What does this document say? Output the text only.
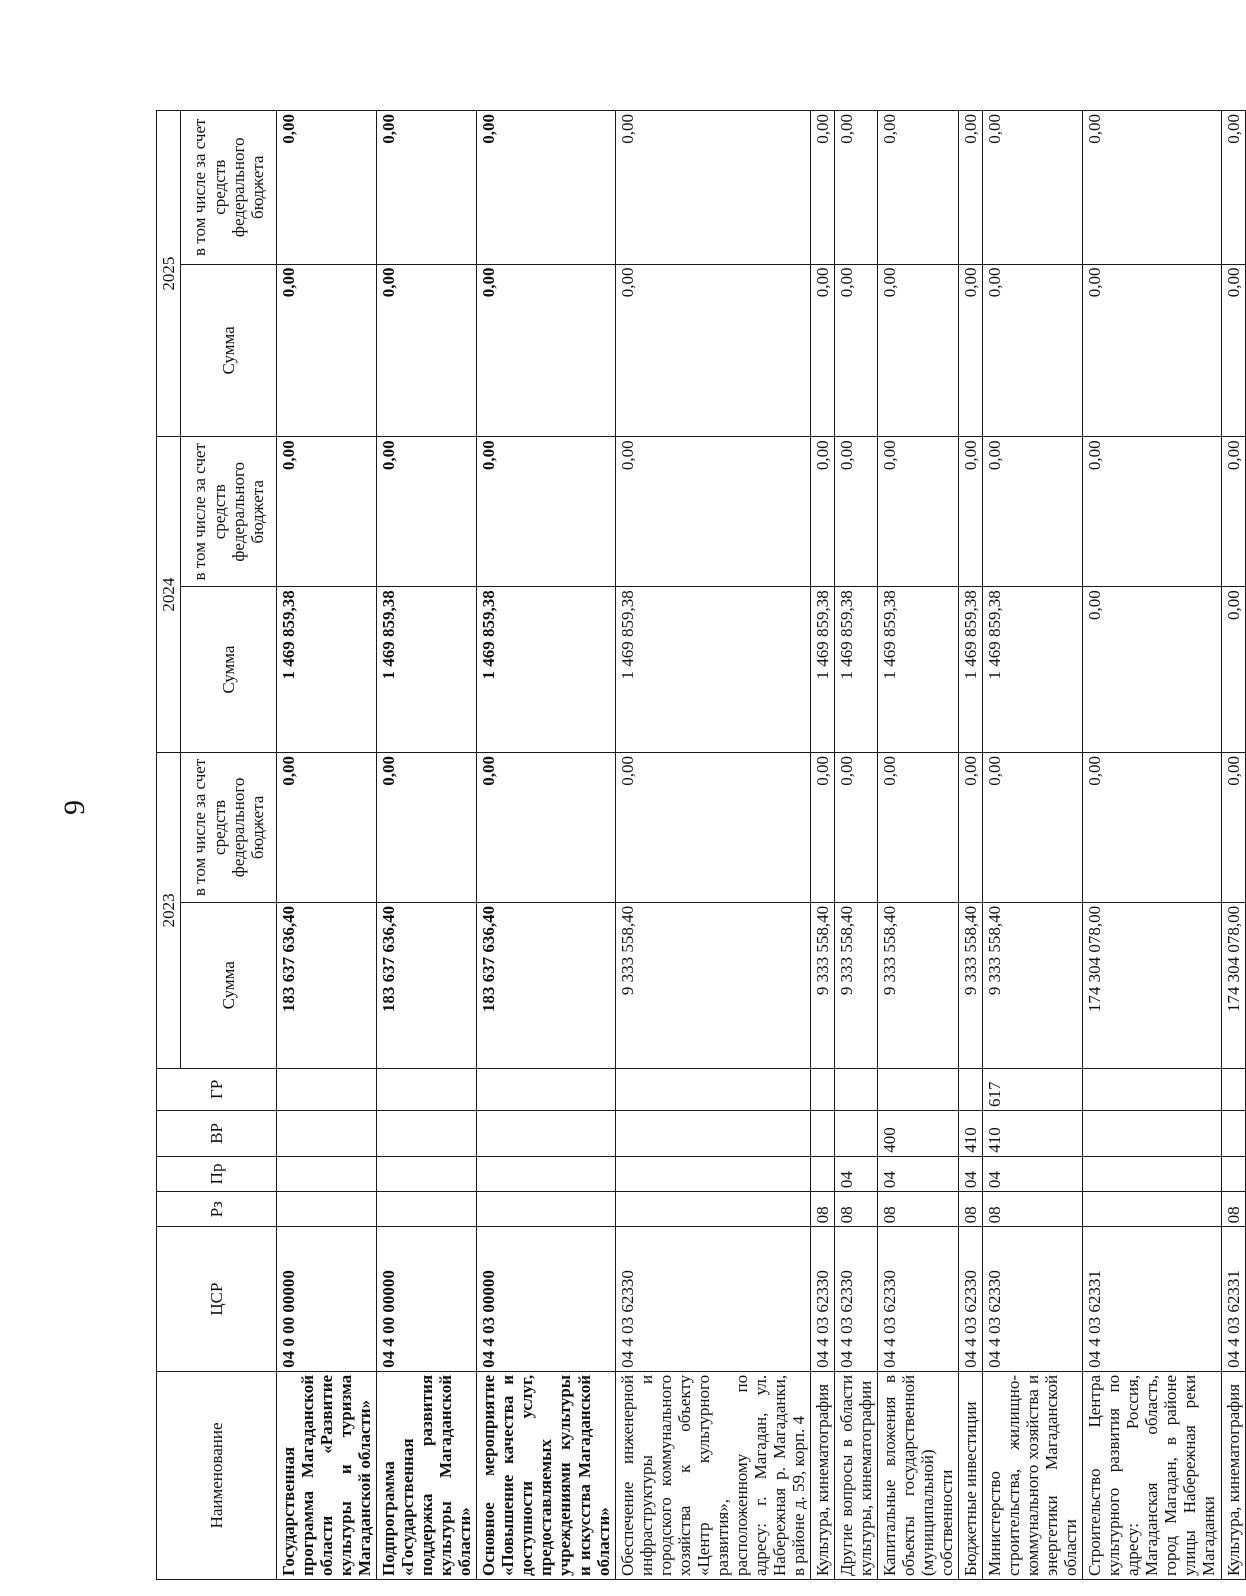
9
Наименование	ЦСР	Рз	Пр	ВР	ГР	2023		2024		2025	
						Сумма	в том числе за счет средств федерального бюджета	Сумма	в том числе за счет средств федерального бюджета	Сумма	в том числе за счет средств федерального бюджета
Государственная программа Магаданской области «Развитие культуры и туризма Магаданской области»	04 0 00 00000					183 637 636,40	0,00	1 469 859,38	0,00	0,00	0,00
Подпрограмма «Государственная поддержка развития культуры Магаданской области»	04 4 00 00000					183 637 636,40	0,00	1 469 859,38	0,00	0,00	0,00
Основное мероприятие «Повышение качества и доступности услуг, предоставляемых учреждениями культуры и искусства Магаданской области»	04 4 03 00000					183 637 636,40	0,00	1 469 859,38	0,00	0,00	0,00
Обеспечение инженерной инфраструктуры и городского коммунального хозяйства к объекту «Центр культурного развития», расположенному по адресу: г. Магадан, ул. Набережная р. Магаданки, в районе д. 59, корп. 4	04 4 03 62330					9 333 558,40	0,00	1 469 859,38	0,00	0,00	0,00
Культура, кинематография	04 4 03 62330	08				9 333 558,40	0,00	1 469 859,38	0,00	0,00	0,00
Другие вопросы в области культуры, кинематографии	04 4 03 62330	08	04			9 333 558,40	0,00	1 469 859,38	0,00	0,00	0,00
Капитальные вложения в объекты государственной (муниципальной) собственности	04 4 03 62330	08	04	400		9 333 558,40	0,00	1 469 859,38	0,00	0,00	0,00
Бюджетные инвестиции	04 4 03 62330	08	04	410		9 333 558,40	0,00	1 469 859,38	0,00	0,00	0,00
Министерство строительства, жилищно-коммунального хозяйства и энергетики Магаданской области	04 4 03 62330	08	04	410	617	9 333 558,40	0,00	1 469 859,38	0,00	0,00	0,00
Строительство Центра культурного развития по адресу: Россия, Магаданская область, город Магадан, в районе улицы Набережная реки Магаданки	04 4 03 62331					174 304 078,00	0,00	0,00	0,00	0,00	0,00
Культура, кинематография	04 4 03 62331	08				174 304 078,00	0,00	0,00	0,00	0,00	0,00
